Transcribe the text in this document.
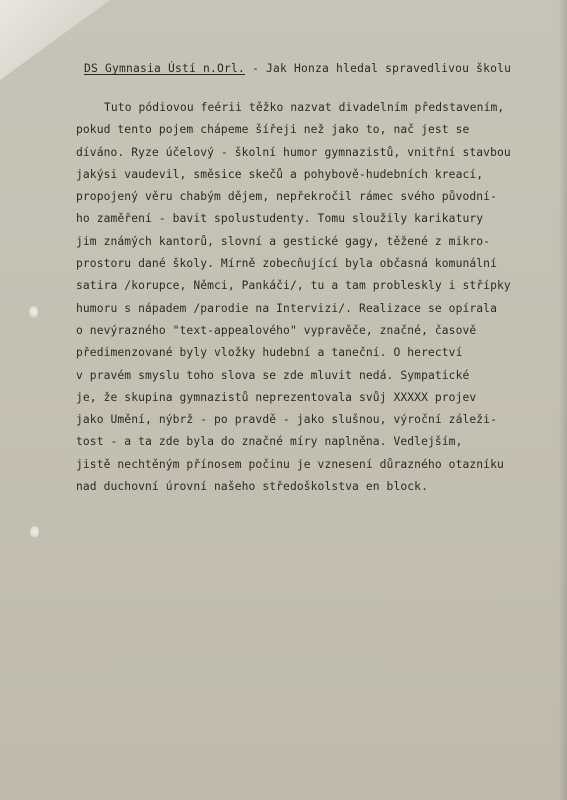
DS Gymnasia Ústí n.Orl. - Jak Honza hledal spravedlivou školu
Tuto pódiovou feérii těžko nazvat divadelním představením,
pokud tento pojem chápeme šířeji než jako to, nač jest se
díváno. Ryze účelový - školní humor gymnazistů, vnitřní stavbou
jakýsi vaudevil, směsice skečů a pohybově-hudebních kreací,
propojený věru chabým dějem, nepřekročil rámec svého původní-
ho zaměření - bavit spolustudenty. Tomu sloužily karikatury
jim známých kantorů, slovní a gestické gagy, těžené z mikro-
prostoru dané školy. Mírně zobecňující byla občasná komunální
satira /korupce, Němci, Pankáči/, tu a tam probleskly i střípky
humoru s nápadem /parodie na Intervizi/. Realizace se opírala
o nevýrazného "text-appealového" vypravěče, značné, časově
předimenzované byly vložky hudební a taneční. O herectví
v pravém smyslu toho slova se zde mluvit nedá. Sympatické
je, že skupina gymnazistů neprezentovala svůj XXXXX projev
jako Umění, nýbrž - po pravdě - jako slušnou, výroční záleži-
tost - a ta zde byla do značné míry naplněna. Vedlejším,
jistě nechtěným přínosem počinu je vznesení důrazného otazníku
nad duchovní úrovní našeho středoškolstva en block.
